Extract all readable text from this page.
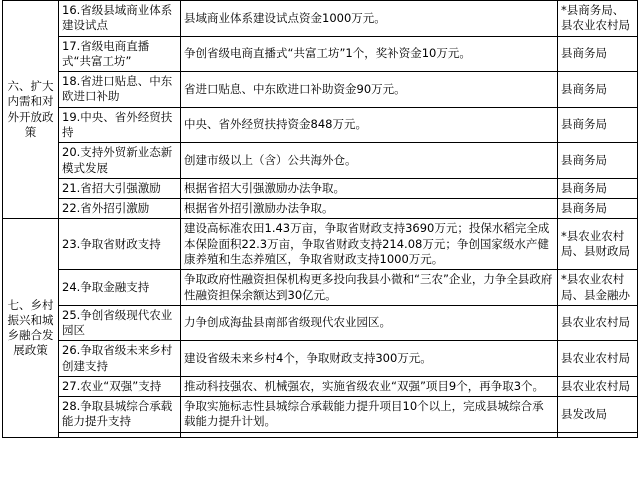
六、扩大内需和对外开放政策	16.省级县域商业体系建设试点	县域商业体系建设试点资金1000万元。	*县商务局、县农业农村局
	17.省级电商直播式“共富工坊”	争创省级电商直播式“共富工坊”1个，奖补资金10万元。	县商务局
	18.省进口贴息、中东欧进口补助	省进口贴息、中东欧进口补助资金90万元。	县商务局
	19.中央、省外经贸扶持	中央、省外经贸扶持资金848万元。	县商务局
	20.支持外贸新业态新模式发展	创建市级以上（含）公共海外仓。	县商务局
	21.省招大引强激励	根据省招大引强激励办法争取。	县商务局
	22.省外招引激励	根据省外招引激励办法争取。	县商务局
七、乡村振兴和城乡融合发展政策	23.争取省财政支持	建设高标准农田1.43万亩，争取省财政支持3690万元；投保水稻完全成本保险面积22.3万亩，争取省财政支持214.08万元；争创国家级水产健康养殖和生态养殖区，争取省财政支持1000万元。	*县农业农村局、县财政局
	24.争取金融支持	争取政府性融资担保机构更多投向我县小微和“三农”企业，力争全县政府性融资担保余额达到30亿元。	*县农业农村局、县金融办
	25.争创省级现代农业园区	力争创成海盐县南部省级现代农业园区。	县农业农村局
	26.争取省级未来乡村创建支持	建设省级未来乡村4个，争取财政支持300万元。	县农业农村局
	27.农业“双强”支持	推动科技强农、机械强农，实施省级农业“双强”项目9个，再争取3个。	县农业农村局
	28.争取县城综合承载能力提升支持	争取实施标志性县城综合承载能力提升项目10个以上，完成县城综合承载能力提升计划。	县发改局
